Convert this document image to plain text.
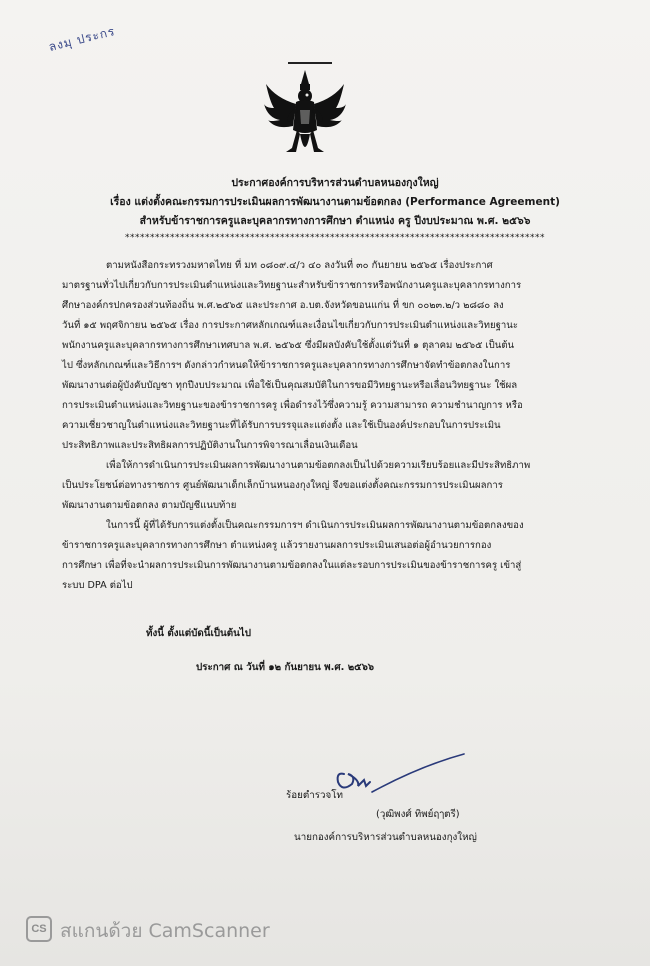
ลงมุ ประกร
ประกาศองค์การบริหารส่วนตำบลหนองกุงใหญ่
เรื่อง แต่งตั้งคณะกรรมการประเมินผลการพัฒนางานตามข้อตกลง (Performance Agreement)
สำหรับข้าราชการครูและบุคลากรทางการศึกษา ตำแหน่ง ครู ปีงบประมาณ พ.ศ. ๒๕๖๖
************************************************************************************
ตามหนังสือกระทรวงมหาดไทย ที่ มท ๐๘๐๙.๔/ว ๔๐ ลงวันที่ ๓๐ กันยายน ๒๕๖๕ เรื่องประกาศ
มาตรฐานทั่วไปเกี่ยวกับการประเมินตำแหน่งและวิทยฐานะสำหรับข้าราชการหรือพนักงานครูและบุคลากรทางการ
ศึกษาองค์กรปกครองส่วนท้องถิ่น พ.ศ.๒๕๖๕ และประกาศ อ.บต.จังหวัดขอนแก่น ที่ ขก ๐๐๒๓.๒/ว ๒๘๘๐ ลง
วันที่ ๑๕ พฤศจิกายน ๒๕๖๕ เรื่อง การประกาศหลักเกณฑ์และเงื่อนไขเกี่ยวกับการประเมินตำแหน่งและวิทยฐานะ
พนักงานครูและบุคลากรทางการศึกษาเทศบาล พ.ศ. ๒๕๖๕ ซึ่งมีผลบังคับใช้ตั้งแต่วันที่ ๑ ตุลาคม ๒๕๖๕ เป็นต้น
ไป ซึ่งหลักเกณฑ์และวิธีการฯ ดังกล่าวกำหนดให้ข้าราชการครูและบุคลากรทางการศึกษาจัดทำข้อตกลงในการ
พัฒนางานต่อผู้บังคับบัญชา ทุกปีงบประมาณ เพื่อใช้เป็นคุณสมบัติในการขอมีวิทยฐานะหรือเลื่อนวิทยฐานะ ใช้ผล
การประเมินตำแหน่งและวิทยฐานะของข้าราชการครู เพื่อดำรงไว้ซึ่งความรู้ ความสามารถ ความชำนาญการ หรือ
ความเชี่ยวชาญในตำแหน่งและวิทยฐานะที่ได้รับการบรรจุและแต่งตั้ง และใช้เป็นองค์ประกอบในการประเมิน
ประสิทธิภาพและประสิทธิผลการปฏิบัติงานในการพิจารณาเลื่อนเงินเดือน
เพื่อให้การดำเนินการประเมินผลการพัฒนางานตามข้อตกลงเป็นไปด้วยความเรียบร้อยและมีประสิทธิภาพ
เป็นประโยชน์ต่อทางราชการ ศูนย์พัฒนาเด็กเล็กบ้านหนองกุงใหญ่ จึงขอแต่งตั้งคณะกรรมการประเมินผลการ
พัฒนางานตามข้อตกลง ตามบัญชีแนบท้าย
ในการนี้ ผู้ที่ได้รับการแต่งตั้งเป็นคณะกรรมการฯ ดำเนินการประเมินผลการพัฒนางานตามข้อตกลงของ
ข้าราชการครูและบุคลากรทางการศึกษา ตำแหน่งครู แล้วรายงานผลการประเมินเสนอต่อผู้อำนวยการกอง
การศึกษา เพื่อที่จะนำผลการประเมินการพัฒนางานตามข้อตกลงในแต่ละรอบการประเมินของข้าราชการครู เข้าสู่
ระบบ DPA ต่อไป
ทั้งนี้ ตั้งแต่บัดนี้เป็นต้นไป
ประกาศ ณ วันที่ ๑๒ กันยายน พ.ศ. ๒๕๖๖
ร้อยตำรวจโท
(วุฒิพงศ์ ทิพย์ฤๅตรี)
นายกองค์การบริหารส่วนตำบลหนองกุงใหญ่
CS สแกนด้วย CamScanner
